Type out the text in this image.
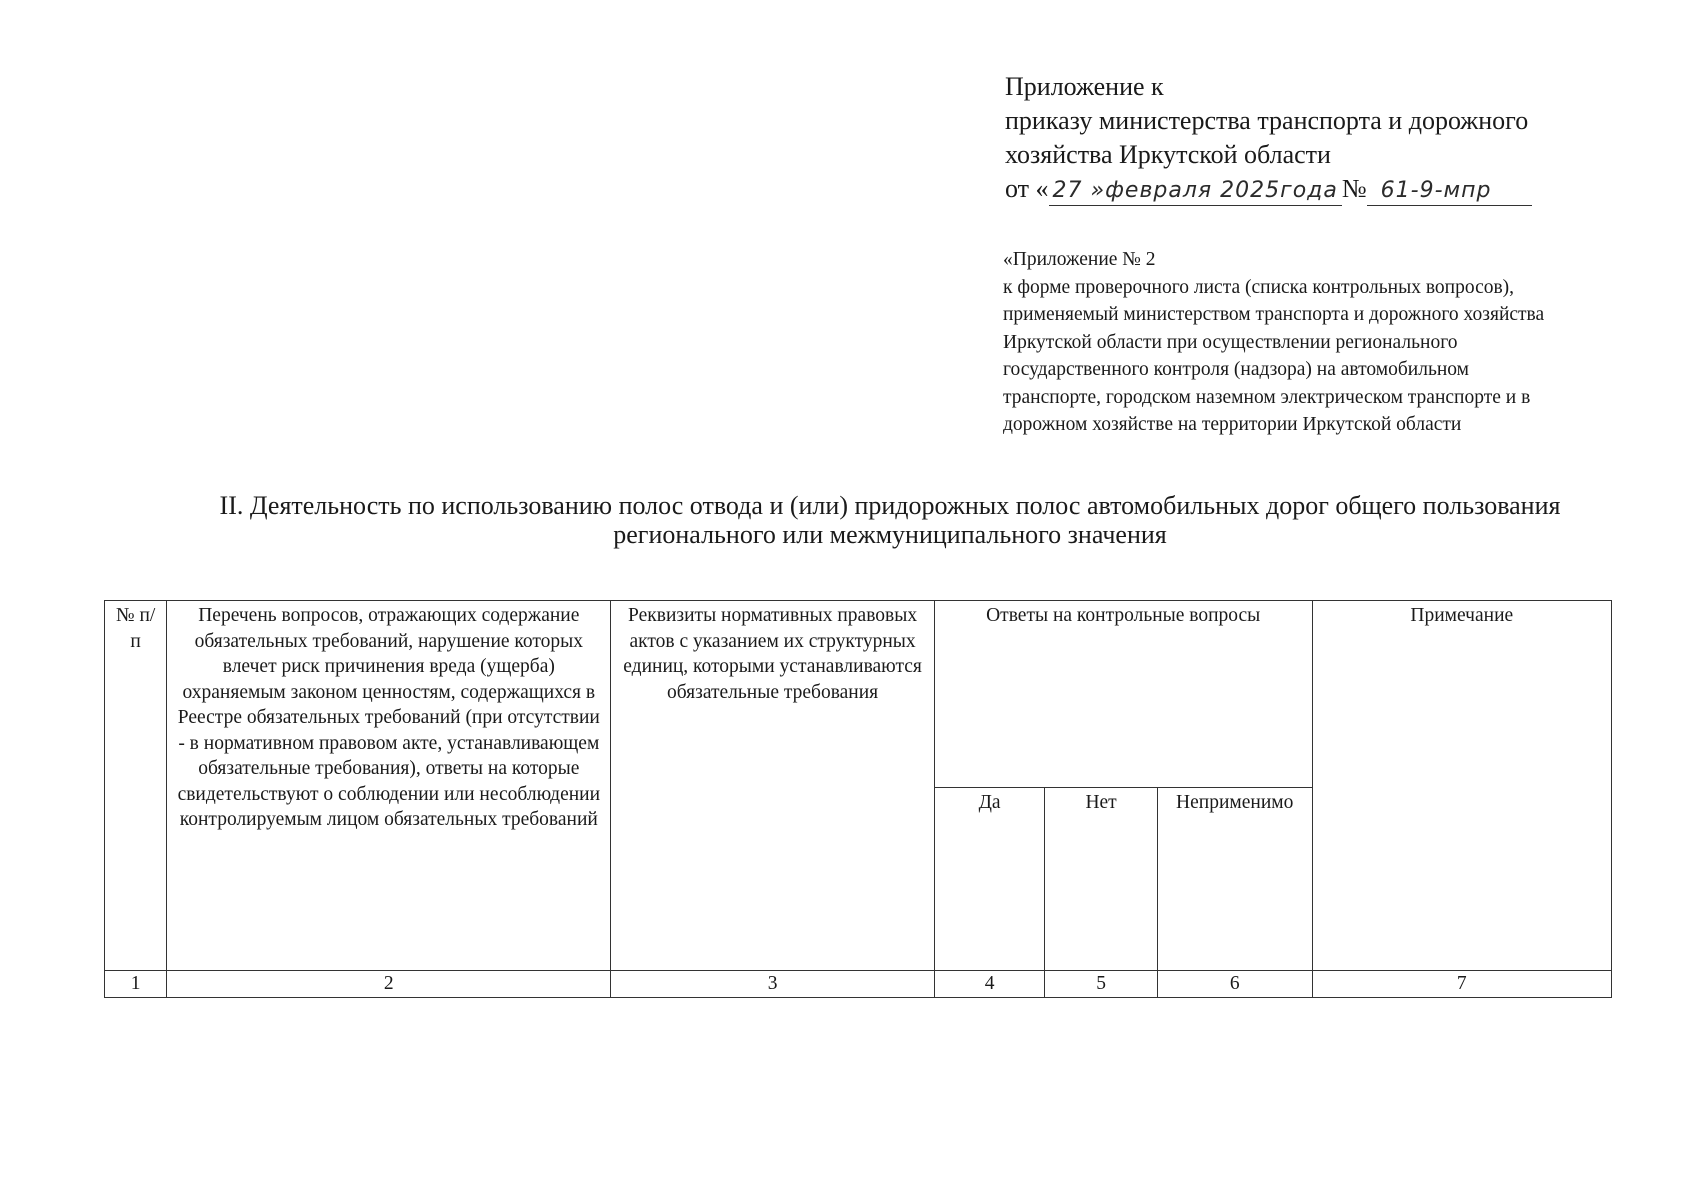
Приложение к
приказу министерства транспорта и дорожного
хозяйства Иркутской области
от « 27 »февраля 2025года № 61-9-мпр
«Приложение № 2
к форме проверочного листа (списка контрольных вопросов),
применяемый министерством транспорта и дорожного хозяйства
Иркутской области при осуществлении регионального
государственного контроля (надзора) на автомобильном
транспорте, городском наземном электрическом транспорте и в
дорожном хозяйстве на территории Иркутской области
II. Деятельность по использованию полос отвода и (или) придорожных полос автомобильных дорог общего пользования
регионального или межмуниципального значения
№ п/п	Перечень вопросов, отражающих содержание обязательных требований, нарушение которых влечет риск причинения вреда (ущерба) охраняемым законом ценностям, содержащихся в Реестре обязательных требований (при отсутствии - в нормативном правовом акте, устанавливающем обязательные требования), ответы на которые свидетельствуют о соблюдении или несоблюдении контролируемым лицом обязательных требований	Реквизиты нормативных правовых актов с указанием их структурных единиц, которыми устанавливаются обязательные требования	Ответы на контрольные вопросы			Примечание
			Да	Нет	Неприменимо	
1	2	3	4	5	6	7
